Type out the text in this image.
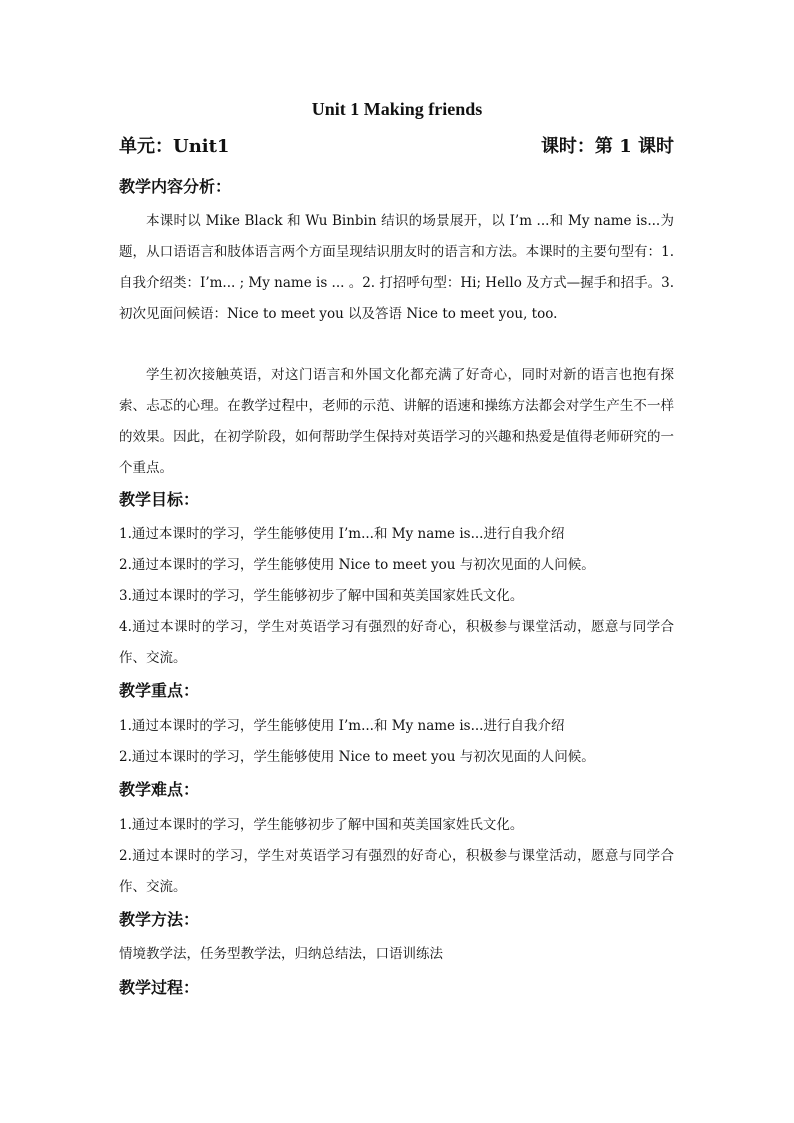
Unit 1 Making friends
单元：Unit1	课时：第 1 课时
教学内容分析：
本课时以 Mike Black 和 Wu Binbin 结识的场景展开，以 I’m ...和 My name is...为题，从口语语言和肢体语言两个方面呈现结识朋友时的语言和方法。本课时的主要句型有：1.自我介绍类：I’m... ; My name is ... 。2. 打招呼句型：Hi; Hello 及方式—握手和招手。3.初次见面问候语：Nice to meet you 以及答语 Nice to meet you, too.
学生初次接触英语，对这门语言和外国文化都充满了好奇心，同时对新的语言也抱有探索、忐忑的心理。在教学过程中，老师的示范、讲解的语速和操练方法都会对学生产生不一样的效果。因此，在初学阶段，如何帮助学生保持对英语学习的兴趣和热爱是值得老师研究的一个重点。
教学目标：
1.通过本课时的学习，学生能够使用 I’m...和 My name is...进行自我介绍
2.通过本课时的学习，学生能够使用 Nice to meet you 与初次见面的人问候。
3.通过本课时的学习，学生能够初步了解中国和英美国家姓氏文化。
4.通过本课时的学习，学生对英语学习有强烈的好奇心，积极参与课堂活动，愿意与同学合作、交流。
教学重点：
1.通过本课时的学习，学生能够使用 I’m...和 My name is...进行自我介绍
2.通过本课时的学习，学生能够使用 Nice to meet you 与初次见面的人问候。
教学难点：
1.通过本课时的学习，学生能够初步了解中国和英美国家姓氏文化。
2.通过本课时的学习，学生对英语学习有强烈的好奇心，积极参与课堂活动，愿意与同学合作、交流。
教学方法：
情境教学法，任务型教学法，归纳总结法，口语训练法
教学过程：
